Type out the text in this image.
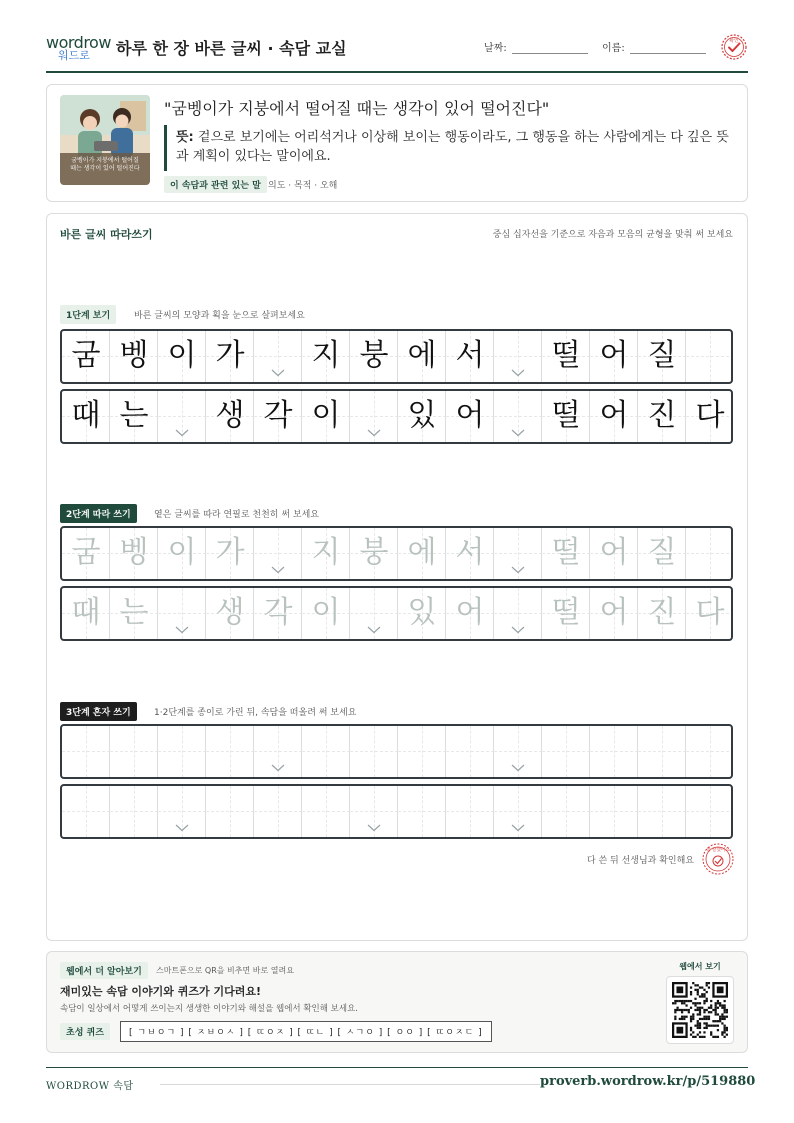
wordrow
워드로	하루 한 장 바른 글씨 · 속담 교실	날짜:	이름:
확인
굼벵이가 지붕에서 떨어질
때는 생각이 있어 떨어진다
"굼벵이가 지붕에서 떨어질 때는 생각이 있어 떨어진다"
뜻: 겉으로 보기에는 어리석거나 이상해 보이는 행동이라도, 그 행동을 하는 사람에게는 다 깊은 뜻과 계획이 있다는 말이에요.
이 속담과 관련 있는 말 의도 · 목적 · 오해
바른 글씨 따라쓰기	중심 십자선을 기준으로 자음과 모음의 균형을 맞춰 써 보세요
1단계 보기	바른 글씨의 모양과 획을 눈으로 살펴보세요
굼 벵 이 가	지 붕 에 서	떨 어 질
때 는	생 각 이	있 어	떨 어 진 다
2단계 따라 쓰기	옅은 글씨를 따라 연필로 천천히 써 보세요
굼 벵 이 가	지 붕 에 서	떨 어 질
때 는	생 각 이	있 어	떨 어 진 다
3단계 혼자 쓰기	1·2단계를 종이로 가린 뒤, 속담을 떠올려 써 보세요
다 쓴 뒤 선생님과 확인해요
참 잘했어요
웹에서 더 알아보기	스마트폰으로 QR을 비추면 바로 열려요
재미있는 속담 이야기와 퀴즈가 기다려요!
속담이 일상에서 어떻게 쓰이는지 생생한 이야기와 해설을 웹에서 확인해 보세요.
초성 퀴즈	[ ㄱㅂㅇㄱ ] [ ㅈㅂㅇㅅ ] [ ㄸㅇㅈ ] [ ㄸㄴ ] [ ㅅㄱㅇ ] [ ㅇㅇ ] [ ㄸㅇㅈㄷ ]
웹에서 보기
WORDROW 속담	proverb.wordrow.kr/p/519880
